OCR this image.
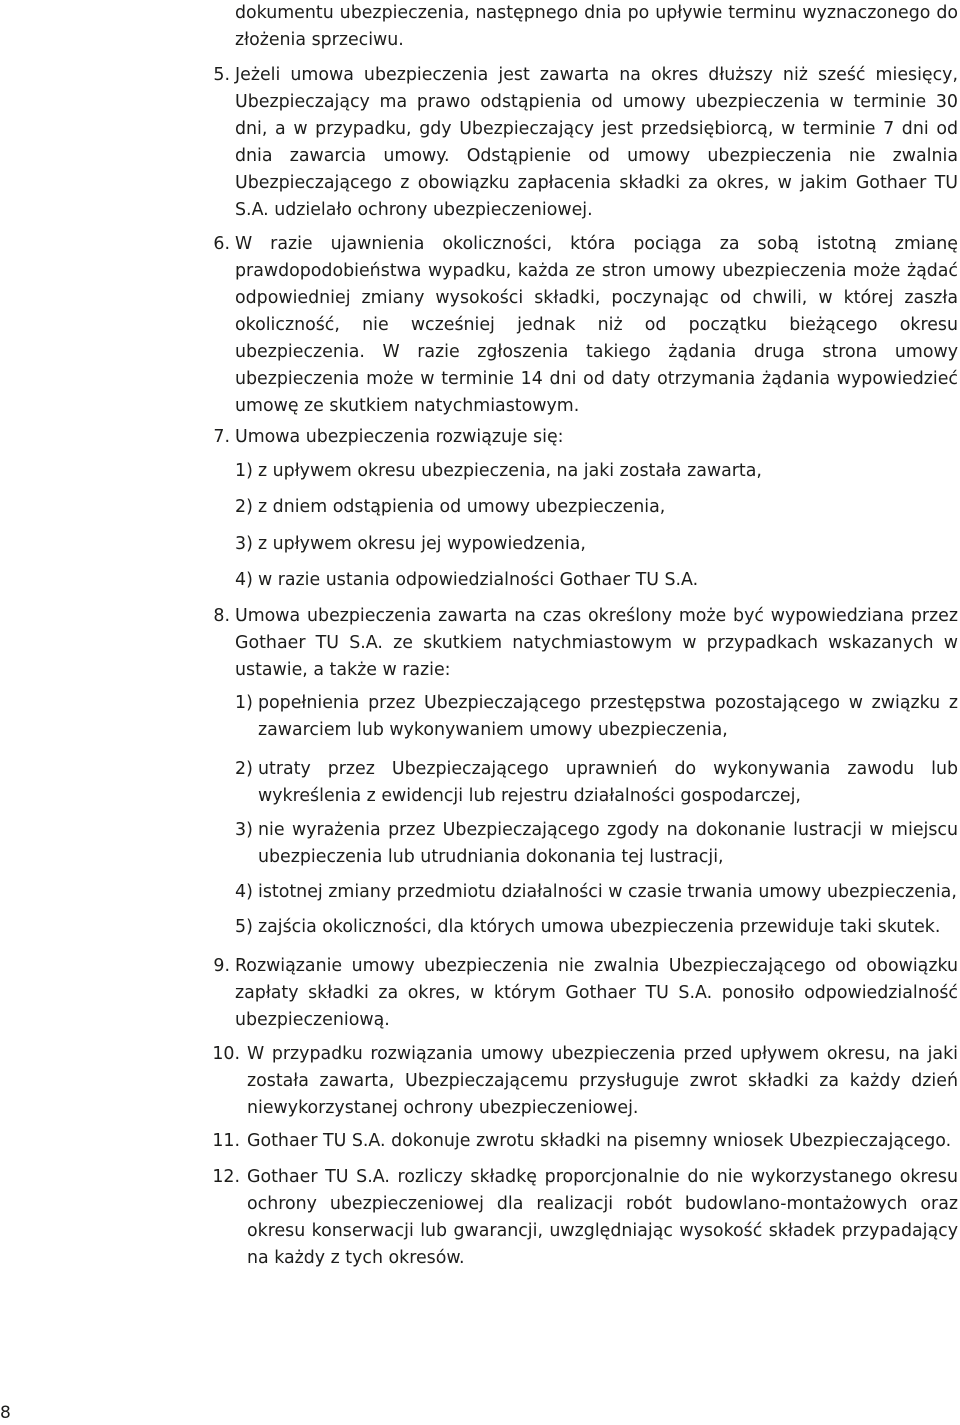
dokumentu ubezpieczenia, następnego dnia po upływie terminu wyznaczonego do złożenia sprzeciwu.

5. Jeżeli umowa ubezpieczenia jest zawarta na okres dłuższy niż sześć miesięcy, Ubezpieczający ma prawo odstąpienia od umowy ubezpieczenia w terminie 30 dni, a w przypadku, gdy Ubezpieczający jest przedsiębiorcą, w terminie 7 dni od dnia zawarcia umowy. Odstąpienie od umowy ubezpieczenia nie zwalnia Ubezpieczającego z obowiązku zapłacenia składki za okres, w jakim Gothaer TU S.A. udzielało ochrony ubezpieczeniowej.

6. W razie ujawnienia okoliczności, która pociąga za sobą istotną zmianę prawdopodobieństwa wypadku, każda ze stron umowy ubezpieczenia może żądać odpowiedniej zmiany wysokości składki, poczynając od chwili, w której zaszła okoliczność, nie wcześniej jednak niż od początku bieżącego okresu ubezpieczenia. W razie zgłoszenia takiego żądania druga strona umowy ubezpieczenia może w terminie 14 dni od daty otrzymania żądania wypowiedzieć umowę ze skutkiem natychmiastowym.

7. Umowa ubezpieczenia rozwiązuje się:

1) z upływem okresu ubezpieczenia, na jaki została zawarta,

2) z dniem odstąpienia od umowy ubezpieczenia,

3) z upływem okresu jej wypowiedzenia,

4) w razie ustania odpowiedzialności Gothaer TU S.A.

8. Umowa ubezpieczenia zawarta na czas określony może być wypowiedziana przez Gothaer TU S.A. ze skutkiem natychmiastowym w przypadkach wskazanych w ustawie, a także w razie:

1) popełnienia przez Ubezpieczającego przestępstwa pozostającego w związku z zawarciem lub wykonywaniem umowy ubezpieczenia,

2) utraty przez Ubezpieczającego uprawnień do wykonywania zawodu lub wykreślenia z ewidencji lub rejestru działalności gospodarczej,

3) nie wyrażenia przez Ubezpieczającego zgody na dokonanie lustracji w miejscu ubezpieczenia lub utrudniania dokonania tej lustracji,

4) istotnej zmiany przedmiotu działalności w czasie trwania umowy ubezpieczenia,

5) zajścia okoliczności, dla których umowa ubezpieczenia przewiduje taki skutek.

9. Rozwiązanie umowy ubezpieczenia nie zwalnia Ubezpieczającego od obowiązku zapłaty składki za okres, w którym Gothaer TU S.A. ponosiło odpowiedzialność ubezpieczeniową.

10. W przypadku rozwiązania umowy ubezpieczenia przed upływem okresu, na jaki została zawarta, Ubezpieczającemu przysługuje zwrot składki za każdy dzień niewykorzystanej ochrony ubezpieczeniowej.

11. Gothaer TU S.A. dokonuje zwrotu składki na pisemny wniosek Ubezpieczającego.

12. Gothaer TU S.A. rozliczy składkę proporcjonalnie do nie wykorzystanego okresu ochrony ubezpieczeniowej dla realizacji robót budowlano-montażowych oraz okresu konserwacji lub gwarancji, uwzględniając wysokość składek przypadający na każdy z tych okresów.

8
